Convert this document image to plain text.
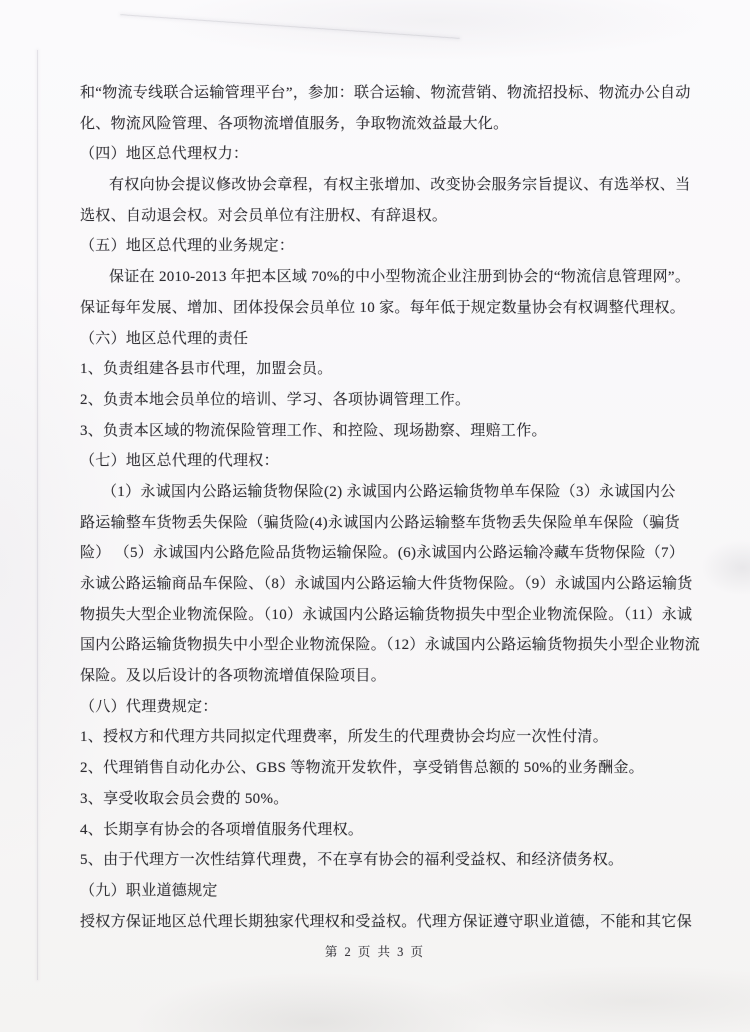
和“物流专线联合运输管理平台”，参加：联合运输、物流营销、物流招投标、物流办公自动
化、物流风险管理、各项物流增值服务，争取物流效益最大化。
（四）地区总代理权力：
有权向协会提议修改协会章程，有权主张增加、改变协会服务宗旨提议、有选举权、当
选权、自动退会权。对会员单位有注册权、有辞退权。
（五）地区总代理的业务规定：
保证在 2010-2013 年把本区域 70%的中小型物流企业注册到协会的“物流信息管理网”。
保证每年发展、增加、团体投保会员单位 10 家。每年低于规定数量协会有权调整代理权。
（六）地区总代理的责任
1、负责组建各县市代理，加盟会员。
2、负责本地会员单位的培训、学习、各项协调管理工作。
3、负责本区域的物流保险管理工作、和控险、现场勘察、理赔工作。
（七）地区总代理的代理权：
（1）永诚国内公路运输货物保险(2) 永诚国内公路运输货物单车保险（3）永诚国内公
路运输整车货物丢失保险（骗货险(4)永诚国内公路运输整车货物丢失保险单车保险（骗货
险） （5）永诚国内公路危险品货物运输保险。(6)永诚国内公路运输冷藏车货物保险（7）
永诚公路运输商品车保险、（8）永诚国内公路运输大件货物保险。（9）永诚国内公路运输货
物损失大型企业物流保险。（10）永诚国内公路运输货物损失中型企业物流保险。（11）永诚
国内公路运输货物损失中小型企业物流保险。（12）永诚国内公路运输货物损失小型企业物流
保险。及以后设计的各项物流增值保险项目。
（八）代理费规定：
1、授权方和代理方共同拟定代理费率，所发生的代理费协会均应一次性付清。
2、代理销售自动化办公、GBS 等物流开发软件，享受销售总额的 50%的业务酬金。
3、享受收取会员会费的 50%。
4、长期享有协会的各项增值服务代理权。
5、由于代理方一次性结算代理费，不在享有协会的福利受益权、和经济债务权。
（九）职业道德规定
授权方保证地区总代理长期独家代理权和受益权。代理方保证遵守职业道德，不能和其它保
第 2 页 共 3 页
